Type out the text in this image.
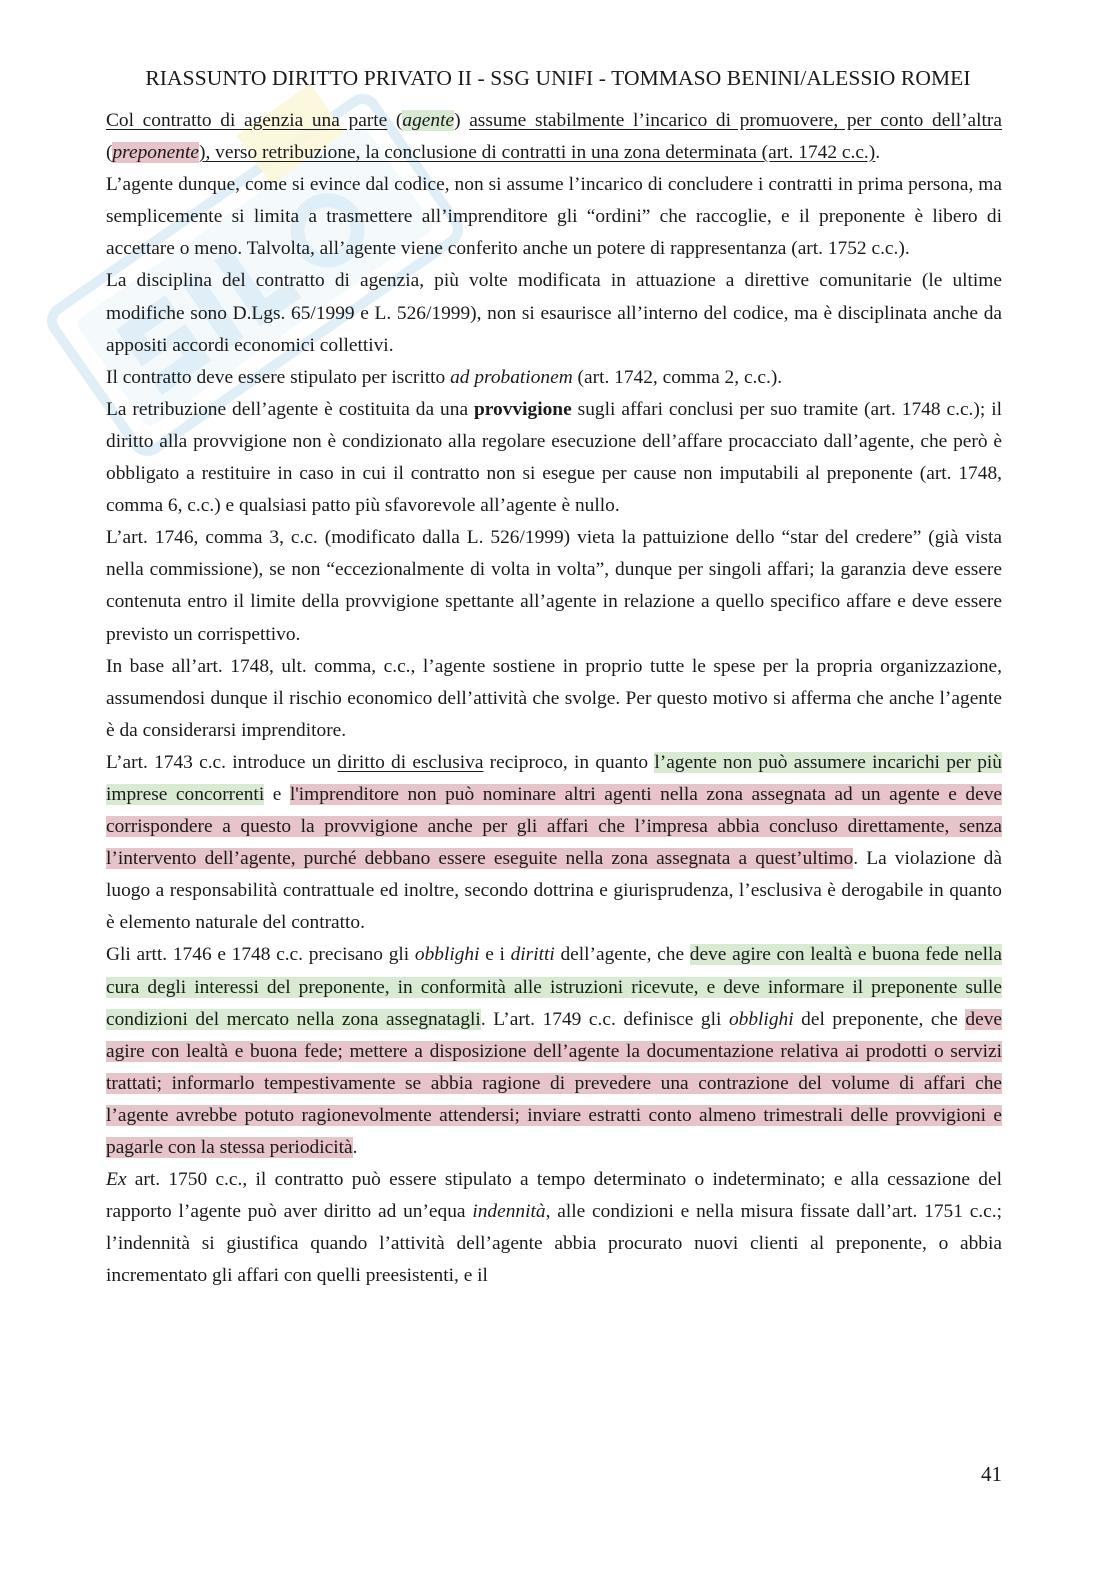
RIASSUNTO DIRITTO PRIVATO II - SSG UNIFI - TOMMASO BENINI/ALESSIO ROMEI

Col contratto di agenzia una parte (agente) assume stabilmente l’incarico di promuovere, per conto dell’altra (preponente), verso retribuzione, la conclusione di contratti in una zona determinata (art. 1742 c.c.).

L’agente dunque, come si evince dal codice, non si assume l’incarico di concludere i contratti in prima persona, ma semplicemente si limita a trasmettere all’imprenditore gli “ordini” che raccoglie, e il preponente è libero di accettare o meno. Talvolta, all’agente viene conferito anche un potere di rappresentanza (art. 1752 c.c.).

La disciplina del contratto di agenzia, più volte modificata in attuazione a direttive comunitarie (le ultime modifiche sono D.Lgs. 65/1999 e L. 526/1999), non si esaurisce all’interno del codice, ma è disciplinata anche da appositi accordi economici collettivi.

Il contratto deve essere stipulato per iscritto ad probationem (art. 1742, comma 2, c.c.).

La retribuzione dell’agente è costituita da una provvigione sugli affari conclusi per suo tramite (art. 1748 c.c.); il diritto alla provvigione non è condizionato alla regolare esecuzione dell’affare procacciato dall’agente, che però è obbligato a restituire in caso in cui il contratto non si esegue per cause non imputabili al preponente (art. 1748, comma 6, c.c.) e qualsiasi patto più sfavorevole all’agente è nullo.

L’art. 1746, comma 3, c.c. (modificato dalla L. 526/1999) vieta la pattuizione dello “star del credere” (già vista nella commissione), se non “eccezionalmente di volta in volta”, dunque per singoli affari; la garanzia deve essere contenuta entro il limite della provvigione spettante all’agente in relazione a quello specifico affare e deve essere previsto un corrispettivo.

In base all’art. 1748, ult. comma, c.c., l’agente sostiene in proprio tutte le spese per la propria organizzazione, assumendosi dunque il rischio economico dell’attività che svolge. Per questo motivo si afferma che anche l’agente è da considerarsi imprenditore.

L’art. 1743 c.c. introduce un diritto di esclusiva reciproco, in quanto l’agente non può assumere incarichi per più imprese concorrenti e l'imprenditore non può nominare altri agenti nella zona assegnata ad un agente e deve corrispondere a questo la provvigione anche per gli affari che l’impresa abbia concluso direttamente, senza l’intervento dell’agente, purché debbano essere eseguite nella zona assegnata a quest’ultimo. La violazione dà luogo a responsabilità contrattuale ed inoltre, secondo dottrina e giurisprudenza, l’esclusiva è derogabile in quanto è elemento naturale del contratto.

Gli artt. 1746 e 1748 c.c. precisano gli obblighi e i diritti dell’agente, che deve agire con lealtà e buona fede nella cura degli interessi del preponente, in conformità alle istruzioni ricevute, e deve informare il preponente sulle condizioni del mercato nella zona assegnatagli. L’art. 1749 c.c. definisce gli obblighi del preponente, che deve agire con lealtà e buona fede; mettere a disposizione dell’agente la documentazione relativa ai prodotti o servizi trattati; informarlo tempestivamente se abbia ragione di prevedere una contrazione del volume di affari che l’agente avrebbe potuto ragionevolmente attendersi; inviare estratti conto almeno trimestrali delle provvigioni e pagarle con la stessa periodicità.

Ex art. 1750 c.c., il contratto può essere stipulato a tempo determinato o indeterminato; e alla cessazione del rapporto l’agente può aver diritto ad un’equa indennità, alle condizioni e nella misura fissate dall’art. 1751 c.c.; l’indennità si giustifica quando l’attività dell’agente abbia procurato nuovi clienti al preponente, o abbia incrementato gli affari con quelli preesistenti, e il

41
